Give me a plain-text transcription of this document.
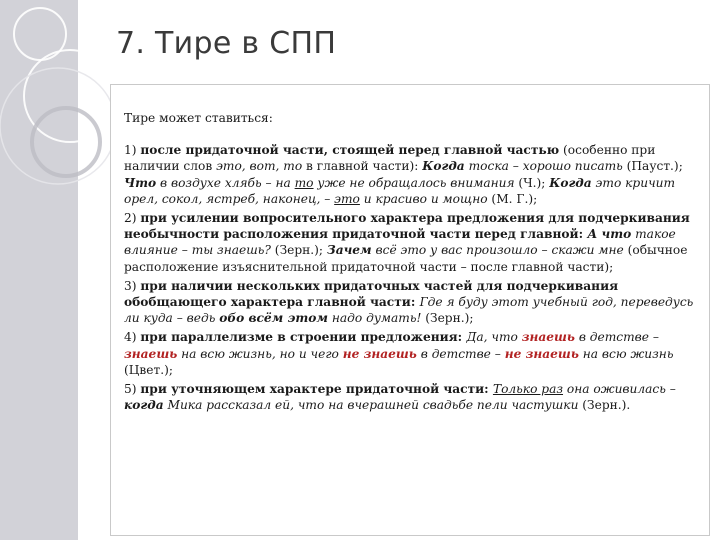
7. Тире в СПП

Тире может ставиться:

1) после придаточной части, стоящей перед главной частью (особенно при наличии слов это, вот, то в главной части): Когда тоска – хорошо писать (Пауст.); Что в воздухе хлябь – на то уже не обращалось внимания (Ч.); Когда это кричит орел, сокол, ястреб, наконец, – это и красиво и мощно (М. Г.);

2) при усилении вопросительного характера предложения для подчеркивания необычности расположения придаточной части перед главной: А что такое влияние – ты знаешь? (Зерн.); Зачем всё это у вас произошло – скажи мне (обычное расположение изъяснительной придаточной части – после главной части);

3) при наличии нескольких придаточных частей для подчеркивания обобщающего характера главной части: Где я буду этот учебный год, переведусь ли куда – ведь обо всём этом надо думать! (Зерн.);

4) при параллелизме в строении предложения: Да, что знаешь в детстве – знаешь на всю жизнь, но и чего не знаешь в детстве – не знаешь на всю жизнь (Цвет.);

5) при уточняющем характере придаточной части: Только раз она оживилась – когда Мика рассказал ей, что на вчерашней свадьбе пели частушки (Зерн.).
